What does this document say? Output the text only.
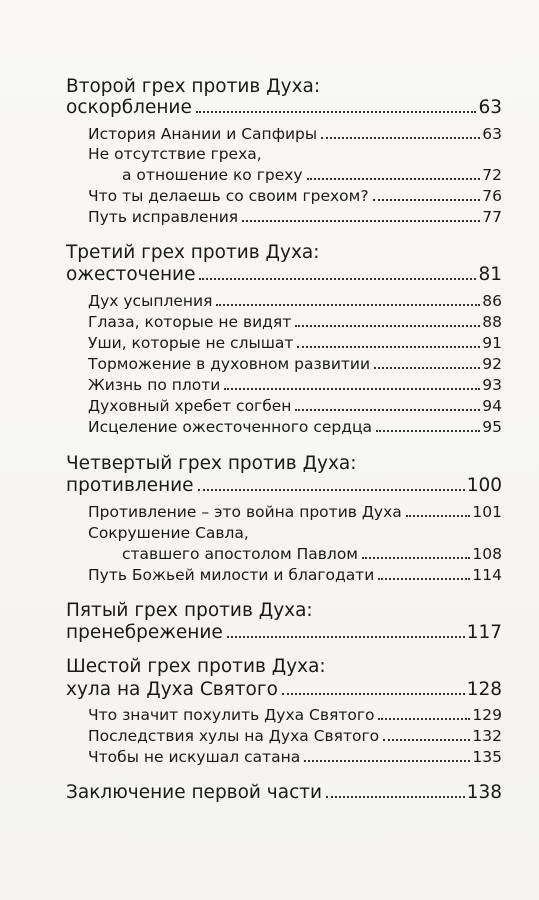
Второй грех против Духа:
оскорбление	63
История Анании и Сапфиры	63
Не отсутствие греха,
а отношение ко греху	72
Что ты делаешь со своим грехом?	76
Путь исправления	77
Третий грех против Духа:
ожесточение	81
Дух усыпления	86
Глаза, которые не видят	88
Уши, которые не слышат	91
Торможение в духовном развитии	92
Жизнь по плоти	93
Духовный хребет согбен	94
Исцеление ожесточенного сердца	95
Четвертый грех против Духа:
противление	100
Противление – это война против Духа	101
Сокрушение Савла,
ставшего апостолом Павлом	108
Путь Божьей милости и благодати	114
Пятый грех против Духа:
пренебрежение	117
Шестой грех против Духа:
хула на Духа Святого	128
Что значит похулить Духа Святого	129
Последствия хулы на Духа Святого	132
Чтобы не искушал сатана	135
Заключение первой части	138
